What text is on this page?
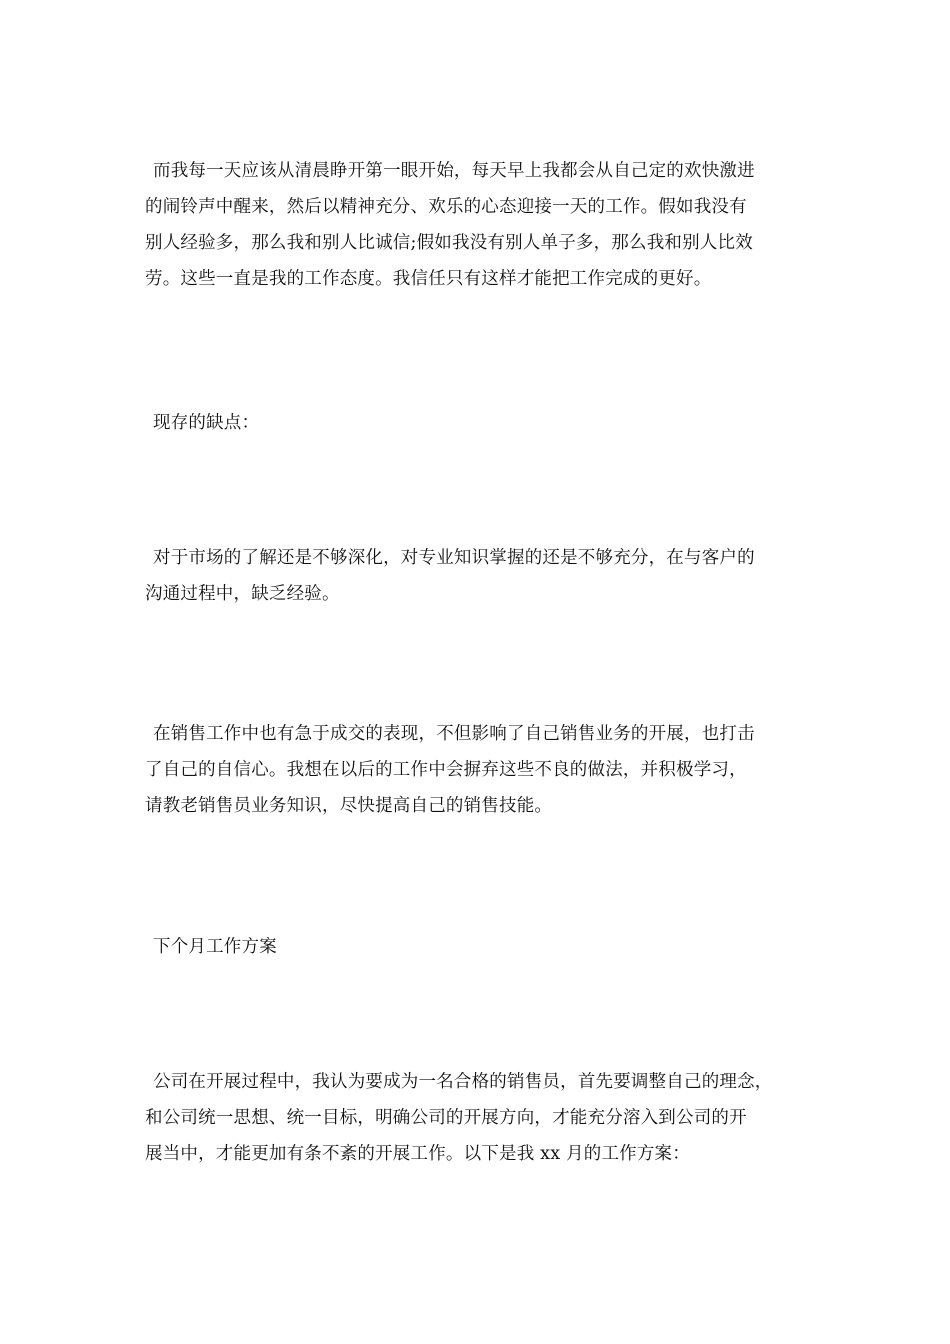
而我每一天应该从清晨睁开第一眼开始，每天早上我都会从自己定的欢快激进
的闹铃声中醒来，然后以精神充分、欢乐的心态迎接一天的工作。假如我没有
别人经验多，那么我和别人比诚信;假如我没有别人单子多，那么我和别人比效
劳。这些一直是我的工作态度。我信任只有这样才能把工作完成的更好。
现存的缺点：
对于市场的了解还是不够深化，对专业知识掌握的还是不够充分，在与客户的
沟通过程中，缺乏经验。
在销售工作中也有急于成交的表现，不但影响了自己销售业务的开展，也打击
了自己的自信心。我想在以后的工作中会摒弃这些不良的做法，并积极学习，
请教老销售员业务知识，尽快提高自己的销售技能。
下个月工作方案
公司在开展过程中，我认为要成为一名合格的销售员，首先要调整自己的理念，
和公司统一思想、统一目标，明确公司的开展方向，才能充分溶入到公司的开
展当中，才能更加有条不紊的开展工作。以下是我 xx 月的工作方案：
